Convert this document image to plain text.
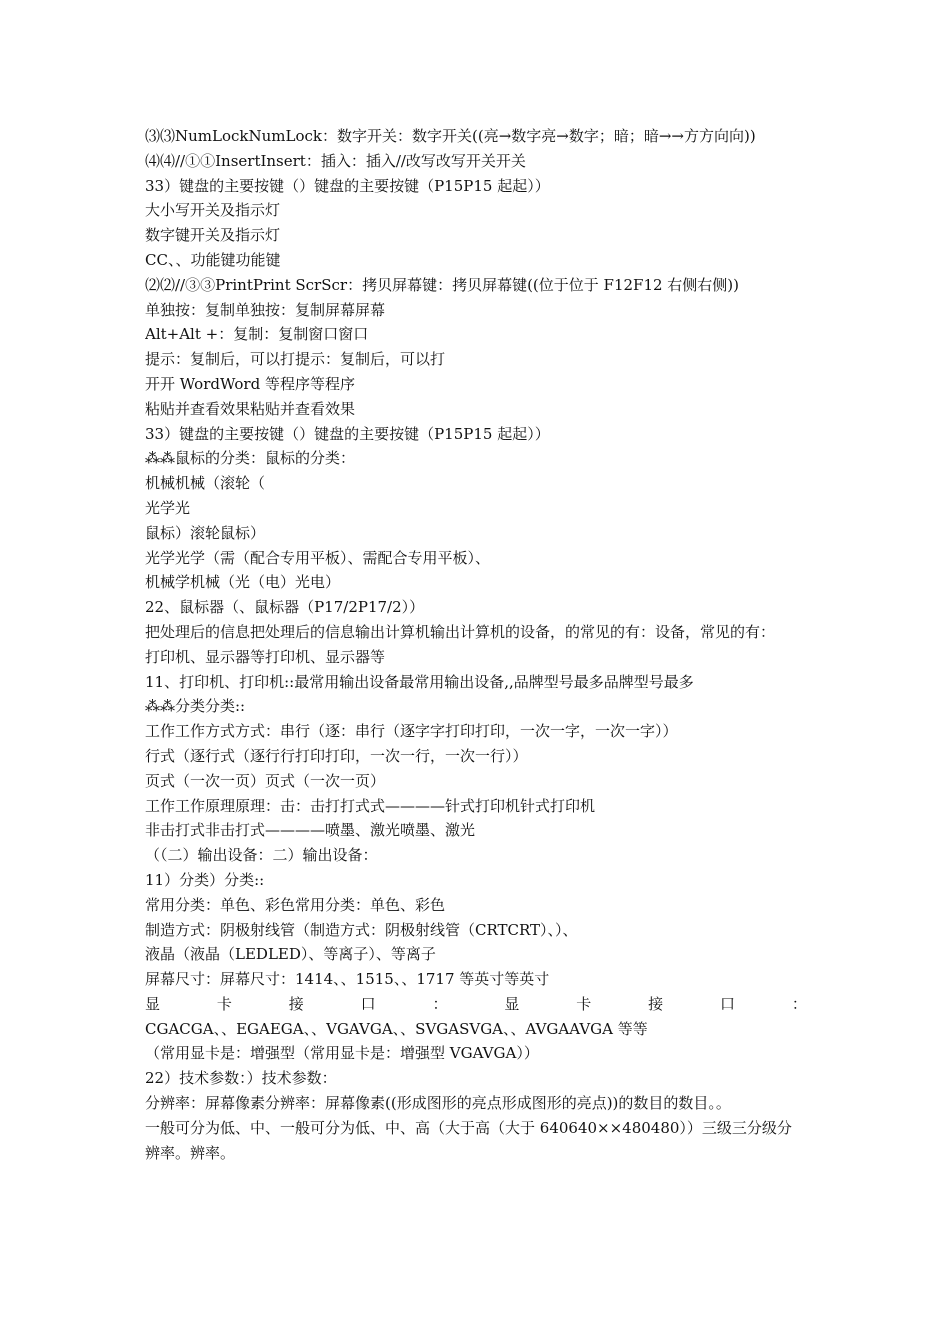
⑶⑶NumLockNumLock：数字开关：数字开关((亮→数字亮→数字；暗；暗→→方方向向))
⑷⑷//①①InsertInsert：插入：插入//改写改写开关开关
33）键盘的主要按键（）键盘的主要按键（P15P15 起起））
大小写开关及指示灯
数字键开关及指示灯
CC、、功能键功能键
⑵⑵//③③PrintPrint ScrScr：拷贝屏幕键：拷贝屏幕键((位于位于 F12F12 右侧右侧))
单独按：复制单独按：复制屏幕屏幕
Alt+Alt +：复制：复制窗口窗口
提示：复制后，可以打提示：复制后，可以打
开开 WordWord 等程序等程序
粘贴并查看效果粘贴并查看效果
33）键盘的主要按键（）键盘的主要按键（P15P15 起起））
⁂⁂鼠标的分类：鼠标的分类：
机械机械（滚轮（
光学光
鼠标）滚轮鼠标）
光学光学（需（配合专用平板）、需配合专用平板）、
机械学机械（光（电）光电）
22、鼠标器（、鼠标器（P17/2P17/2））
把处理后的信息把处理后的信息输出计算机输出计算机的设备，的常见的有：设备，常见的有：
打印机、显示器等打印机、显示器等
11、打印机、打印机::最常用输出设备最常用输出设备,,品牌型号最多品牌型号最多
⁂⁂分类分类::
工作工作方式方式：串行（逐：串行（逐字字打印打印，一次一字，一次一字））
行式（逐行式（逐行行打印打印，一次一行，一次一行））
页式（一次一页）页式（一次一页）
工作工作原理原理：击：击打打式式————针式打印机针式打印机
非击打式非击打式————喷墨、激光喷墨、激光
（（二）输出设备：二）输出设备：
11）分类）分类::
常用分类：单色、彩色常用分类：单色、彩色
制造方式：阴极射线管（制造方式：阴极射线管（CRTCRT）、）、
液晶（液晶（LEDLED）、等离子）、等离子
屏幕尺寸：屏幕尺寸：1414、、1515、、1717 等英寸等英寸
显	卡	接	口	：	显	卡	接	口	：
CGACGA、、EGAEGA、、VGAVGA、、SVGASVGA、、AVGAAVGA 等等
（常用显卡是：增强型（常用显卡是：增强型 VGAVGA））
22）技术参数：）技术参数：
分辨率：屏幕像素分辨率：屏幕像素((形成图形的亮点形成图形的亮点))的数目的数目。。
一般可分为低、中、一般可分为低、中、高（大于高（大于 640640××480480））三级三分级分
辨率。辨率。
